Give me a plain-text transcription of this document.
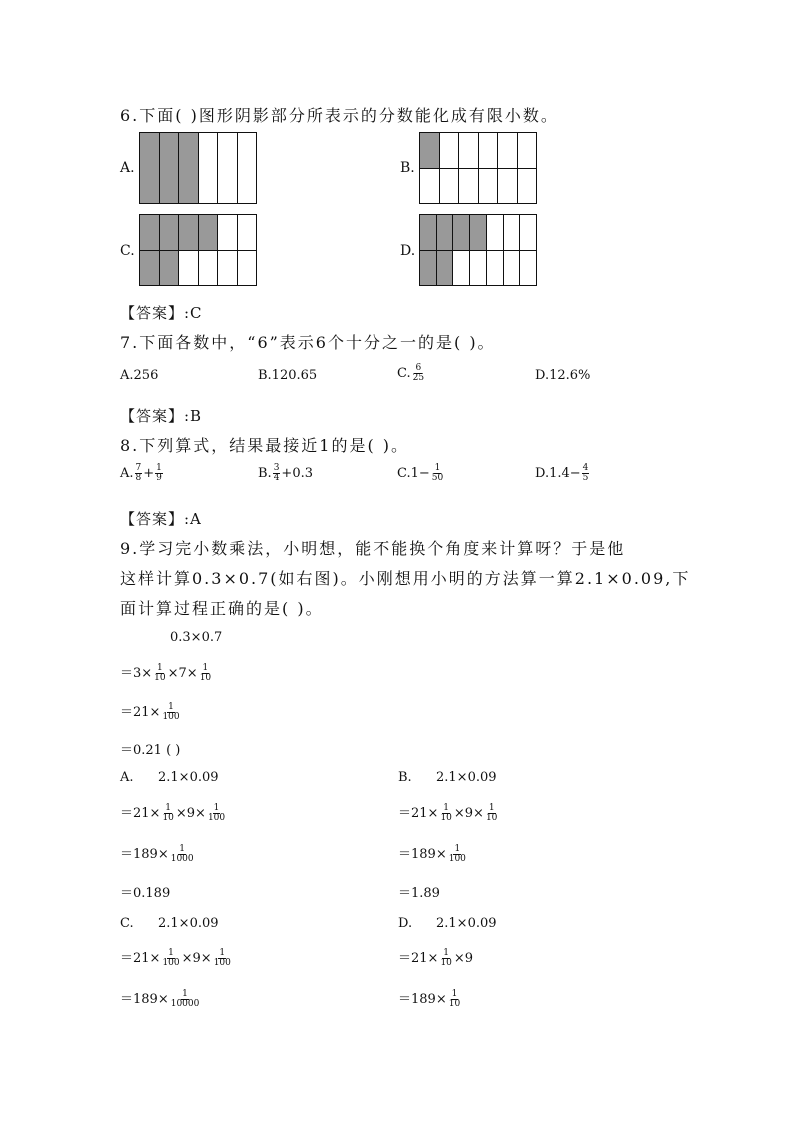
6.下面( )图形阴影部分所表示的分数能化成有限小数。
A.
						B.

C.

						D.

【答案】:C
7.下面各数中，“6”表示6个十分之一的是( )。
A.256	B.120.65	C. $\frac{6}{25}$	D.12.6%
【答案】:B
8.下列算式，结果最接近1的是( )。
A. $\frac{7}{8} + \frac{1}{9}$	B. $\frac{3}{4} +0.3$	$C.1- \frac{1}{50}$	$D.1.4- \frac{4}{5}$
【答案】:A
9.学习完小数乘法，小明想，能不能换个角度来计算呀？于是他
这样计算0.3×0.7(如右图)。小刚想用小明的方法算一算2.1×0.09,下
面计算过程正确的是( )。
0.3×0.7
$=3\times \frac{1}{10} \times 7\times \frac{1}{10}$
$=21\times \frac{1}{100}$
＝0.21 ( )
A. 2.1×0.09
$=21\times \frac{1}{10} \times 9\times \frac{1}{100}$
$=189\times \frac{1}{1000}$
＝0.189
B. 2.1×0.09
$=21\times \frac{1}{10} \times 9\times \frac{1}{10}$
$=189\times \frac{1}{100}$
＝1.89
C. 2.1×0.09
$=21\times \frac{1}{100} \times 9\times \frac{1}{100}$
$=189\times \frac{1}{10000}$
D. 2.1×0.09
$=21\times \frac{1}{10} \times 9$
$=189\times \frac{1}{10}$
